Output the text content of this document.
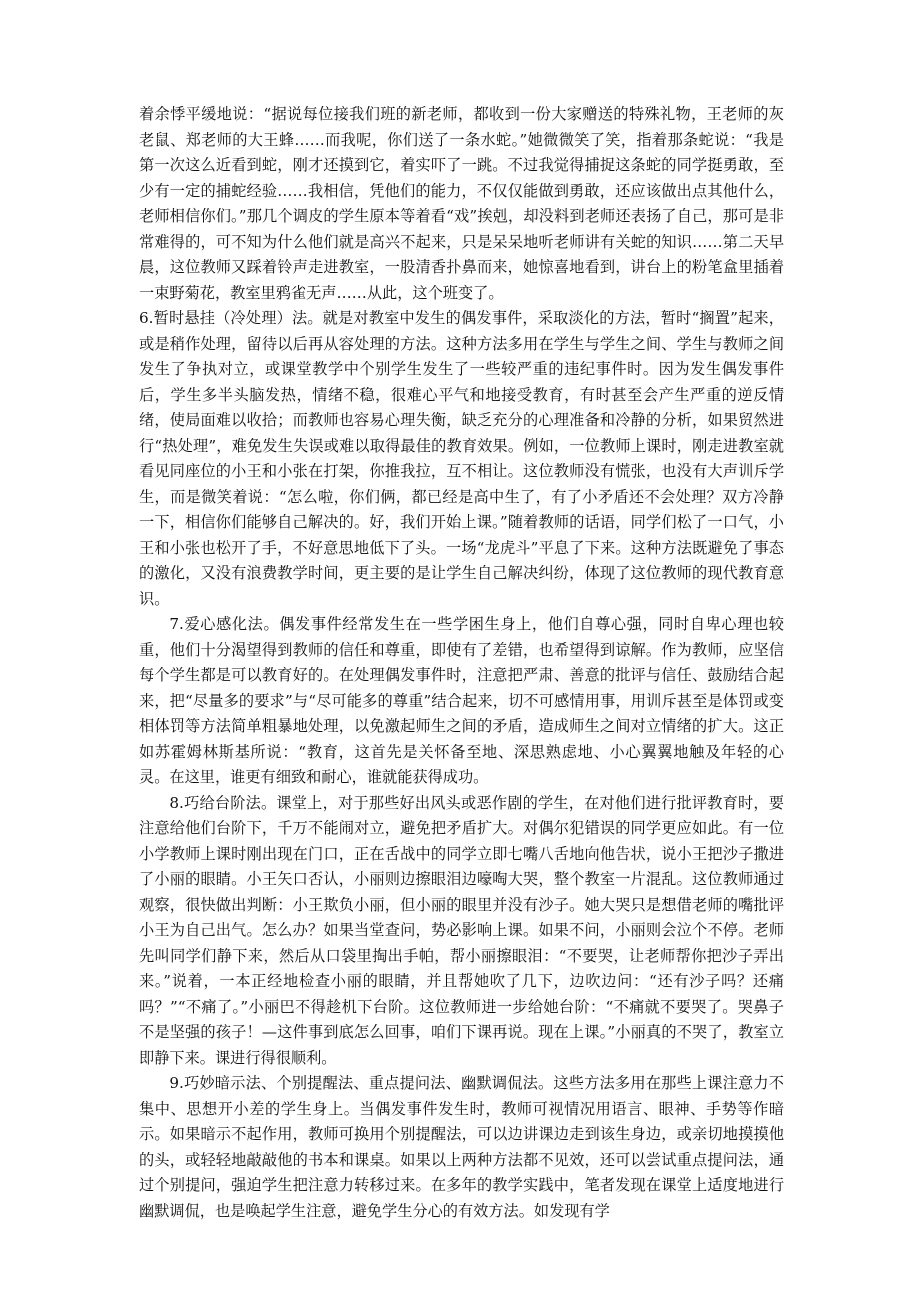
着余悸平缓地说：“据说每位接我们班的新老师，都收到一份大家赠送的特殊礼物，王老师的灰老鼠、郑老师的大王蜂……而我呢，你们送了一条水蛇。”她微微笑了笑，指着那条蛇说：“我是第一次这么近看到蛇，刚才还摸到它，着实吓了一跳。不过我觉得捕捉这条蛇的同学挺勇敢，至少有一定的捕蛇经验……我相信，凭他们的能力，不仅仅能做到勇敢，还应该做出点其他什么，老师相信你们。”那几个调皮的学生原本等着看“戏”挨剋，却没料到老师还表扬了自己，那可是非常难得的，可不知为什么他们就是高兴不起来，只是呆呆地听老师讲有关蛇的知识……第二天早晨，这位教师又踩着铃声走进教室，一股清香扑鼻而来，她惊喜地看到，讲台上的粉笔盒里插着一束野菊花，教室里鸦雀无声……从此，这个班变了。

6.暂时悬挂（冷处理）法。就是对教室中发生的偶发事件，采取淡化的方法，暂时“搁置”起来，或是稍作处理，留待以后再从容处理的方法。这种方法多用在学生与学生之间、学生与教师之间发生了争执对立，或课堂教学中个别学生发生了一些较严重的违纪事件时。因为发生偶发事件后，学生多半头脑发热，情绪不稳，很难心平气和地接受教育，有时甚至会产生严重的逆反情绪，使局面难以收拾；而教师也容易心理失衡，缺乏充分的心理准备和冷静的分析，如果贸然进行“热处理”，难免发生失误或难以取得最佳的教育效果。例如，一位教师上课时，刚走进教室就看见同座位的小王和小张在打架，你推我拉，互不相让。这位教师没有慌张，也没有大声训斥学生，而是微笑着说：“怎么啦，你们俩，都已经是高中生了，有了小矛盾还不会处理？双方冷静一下，相信你们能够自己解决的。好，我们开始上课。”随着教师的话语，同学们松了一口气，小王和小张也松开了手，不好意思地低下了头。一场“龙虎斗”平息了下来。这种方法既避免了事态的激化，又没有浪费教学时间，更主要的是让学生自己解决纠纷，体现了这位教师的现代教育意识。

7.爱心感化法。偶发事件经常发生在一些学困生身上，他们自尊心强，同时自卑心理也较重，他们十分渴望得到教师的信任和尊重，即使有了差错，也希望得到谅解。作为教师，应坚信每个学生都是可以教育好的。在处理偶发事件时，注意把严肃、善意的批评与信任、鼓励结合起来，把“尽量多的要求”与“尽可能多的尊重”结合起来，切不可感情用事，用训斥甚至是体罚或变相体罚等方法简单粗暴地处理，以免激起师生之间的矛盾，造成师生之间对立情绪的扩大。这正如苏霍姆林斯基所说：“教育，这首先是关怀备至地、深思熟虑地、小心翼翼地触及年轻的心灵。在这里，谁更有细致和耐心，谁就能获得成功。

8.巧给台阶法。课堂上，对于那些好出风头或恶作剧的学生，在对他们进行批评教育时，要注意给他们台阶下，千万不能闹对立，避免把矛盾扩大。对偶尔犯错误的同学更应如此。有一位小学教师上课时刚出现在门口，正在舌战中的同学立即七嘴八舌地向他告状，说小王把沙子撒进了小丽的眼睛。小王矢口否认，小丽则边擦眼泪边嚎啕大哭，整个教室一片混乱。这位教师通过观察，很快做出判断：小王欺负小丽，但小丽的眼里并没有沙子。她大哭只是想借老师的嘴批评小王为自己出气。怎么办？如果当堂查问，势必影响上课。如果不问，小丽则会泣个不停。老师先叫同学们静下来，然后从口袋里掏出手帕，帮小丽擦眼泪：“不要哭，让老师帮你把沙子弄出来。”说着，一本正经地检查小丽的眼睛，并且帮她吹了几下，边吹边问：“还有沙子吗？还痛吗？”“不痛了。”小丽巴不得趁机下台阶。这位教师进一步给她台阶：“不痛就不要哭了。哭鼻子不是坚强的孩子！—这件事到底怎么回事，咱们下课再说。现在上课。”小丽真的不哭了，教室立即静下来。课进行得很顺利。

9.巧妙暗示法、个别提醒法、重点提问法、幽默调侃法。这些方法多用在那些上课注意力不集中、思想开小差的学生身上。当偶发事件发生时，教师可视情况用语言、眼神、手势等作暗示。如果暗示不起作用，教师可换用个别提醒法，可以边讲课边走到该生身边，或亲切地摸摸他的头，或轻轻地敲敲他的书本和课桌。如果以上两种方法都不见效，还可以尝试重点提问法，通过个别提问，强迫学生把注意力转移过来。在多年的教学实践中，笔者发现在课堂上适度地进行幽默调侃，也是唤起学生注意，避免学生分心的有效方法。如发现有学
